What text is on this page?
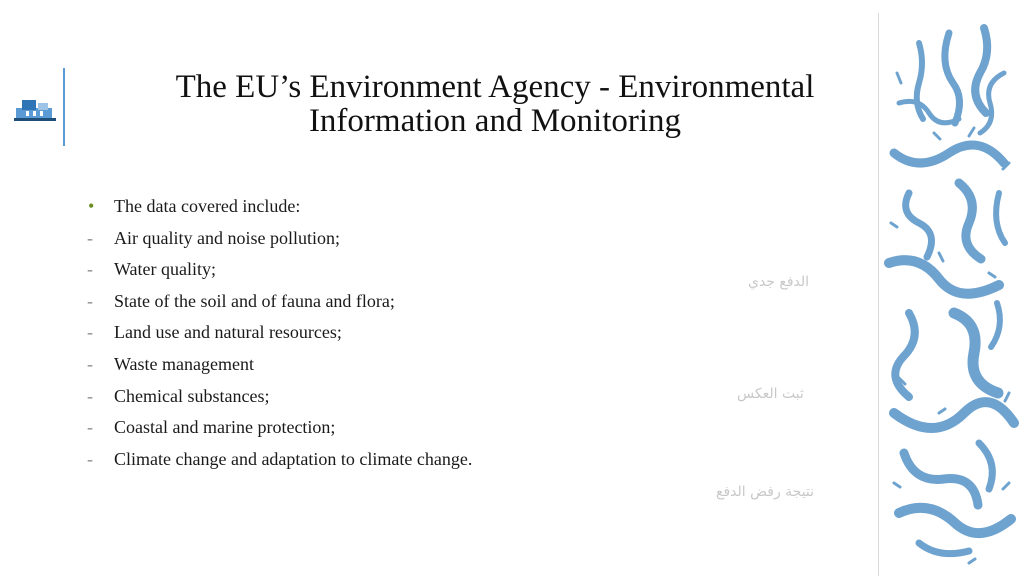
The EU’s Environment Agency - Environmental
Information and Monitoring
• The data covered include:
- Air quality and noise pollution;
- Water quality;
- State of the soil and of fauna and flora;
- Land use and natural resources;
- Waste management
- Chemical substances;
- Coastal and marine protection;
- Climate change and adaptation to climate change.
الدفع جدي
ثبت العكس
نتيجة رفض الدفع
